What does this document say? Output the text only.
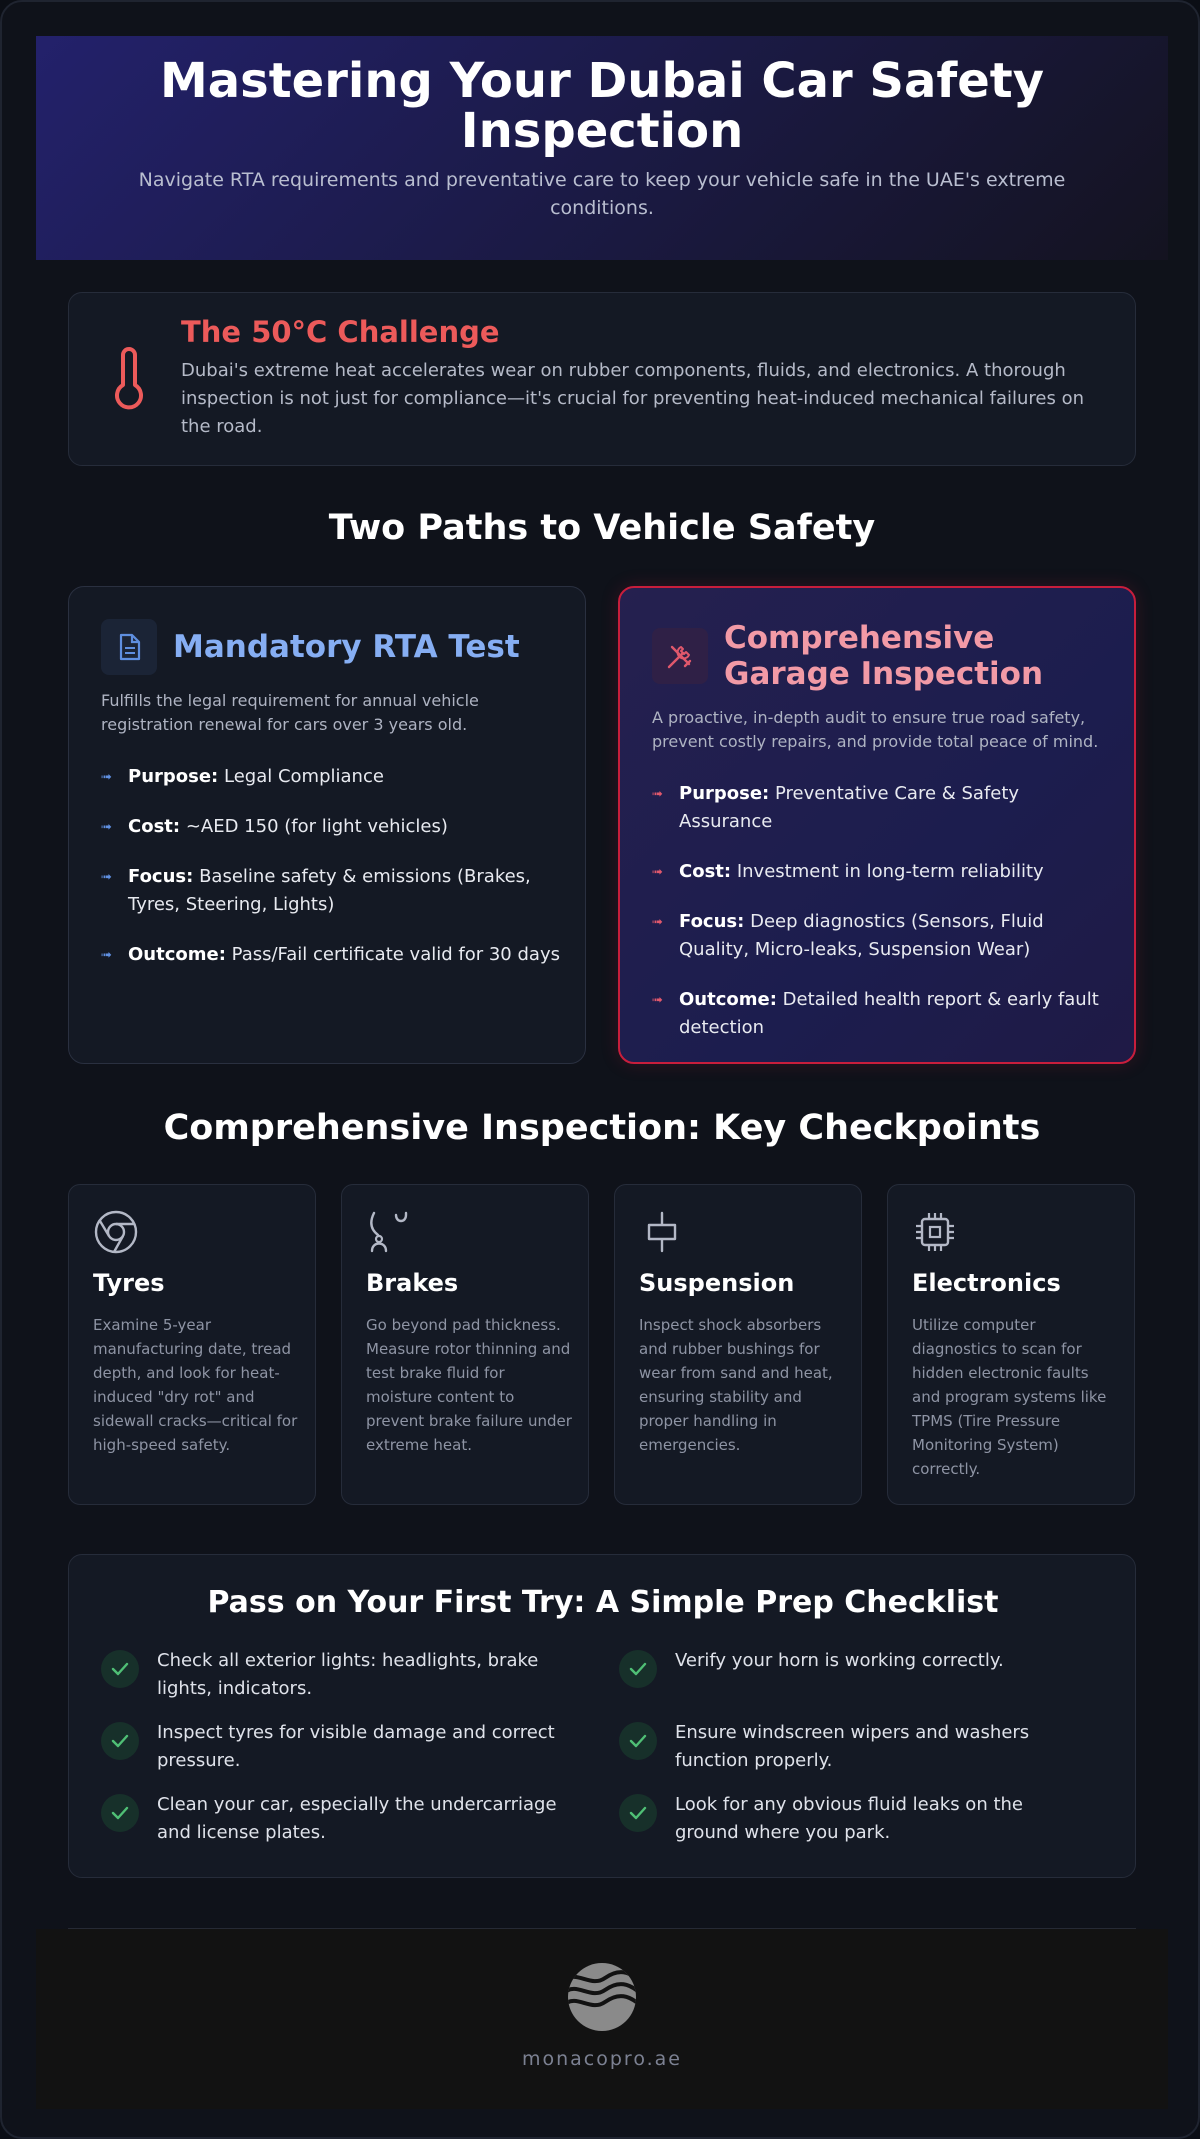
Mastering Your Dubai Car Safety Inspection

Navigate RTA requirements and preventative care to keep your vehicle safe in the UAE's extreme conditions.

The 50°C Challenge

Dubai's extreme heat accelerates wear on rubber components, fluids, and electronics. A thorough inspection is not just for compliance—it's crucial for preventing heat-induced mechanical failures on the road.

Two Paths to Vehicle Safety
Mandatory RTA Test
Fulfills the legal requirement for annual vehicle registration renewal for cars over 3 years old.
➟ Purpose: Legal Compliance
➟ Cost: ~AED 150 (for light vehicles)
➟ Focus: Baseline safety & emissions (Brakes, Tyres, Steering, Lights)
➟ Outcome: Pass/Fail certificate valid for 30 days
Comprehensive Garage Inspection
A proactive, in-depth audit to ensure true road safety, prevent costly repairs, and provide total peace of mind.
➟ Purpose: Preventative Care & Safety Assurance
➟ Cost: Investment in long-term reliability
➟ Focus: Deep diagnostics (Sensors, Fluid Quality, Micro-leaks, Suspension Wear)
➟ Outcome: Detailed health report & early fault detection
Comprehensive Inspection: Key Checkpoints
Tyres

Examine 5-year manufacturing date, tread depth, and look for heat-induced "dry rot" and sidewall cracks—critical for high-speed safety.

Brakes

Go beyond pad thickness. Measure rotor thinning and test brake fluid for moisture content to prevent brake failure under extreme heat.

Suspension

Inspect shock absorbers and rubber bushings for wear from sand and heat, ensuring stability and proper handling in emergencies.

Electronics

Utilize computer diagnostics to scan for hidden electronic faults and program systems like TPMS (Tire Pressure Monitoring System) correctly.

Pass on Your First Try: A Simple Prep Checklist
Check all exterior lights: headlights, brake lights, indicators.
Verify your horn is working correctly.
Inspect tyres for visible damage and correct pressure.
Ensure windscreen wipers and washers function properly.
Clean your car, especially the undercarriage and license plates.
Look for any obvious fluid leaks on the ground where you park.
monacopro.ae
